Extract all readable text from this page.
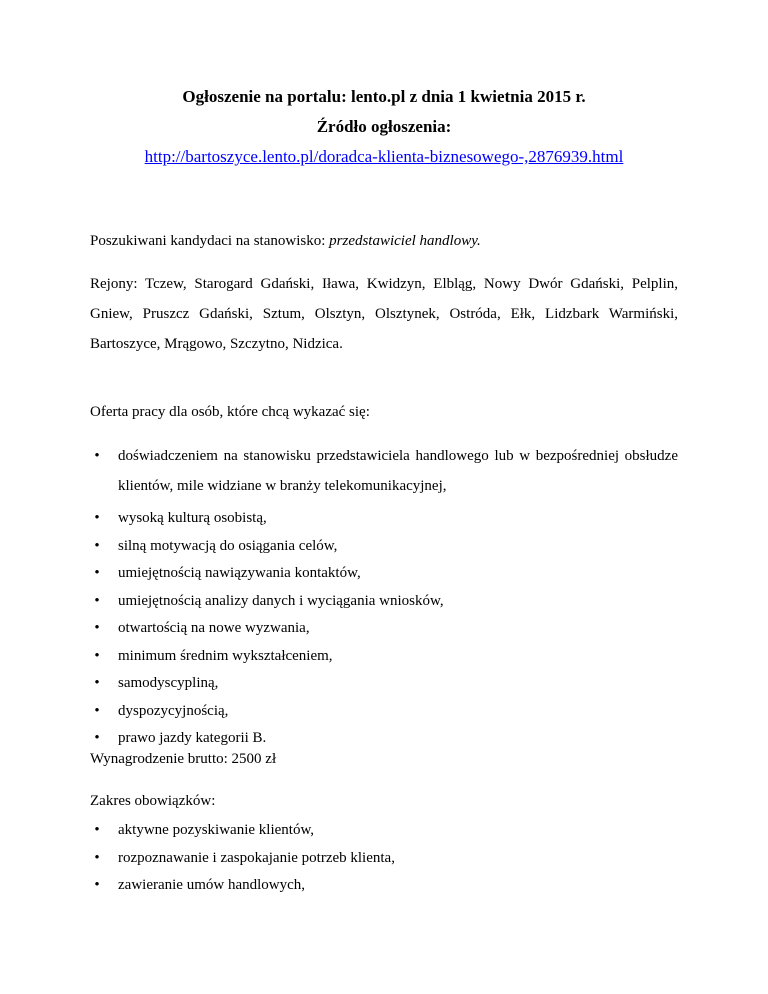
Ogłoszenie na portalu: lento.pl z dnia 1 kwietnia 2015 r.
Źródło ogłoszenia:
http://bartoszyce.lento.pl/doradca-klienta-biznesowego-,2876939.html
Poszukiwani kandydaci na stanowisko: przedstawiciel handlowy.
Rejony: Tczew, Starogard Gdański, Iława, Kwidzyn, Elbląg, Nowy Dwór Gdański, Pelplin, Gniew, Pruszcz Gdański, Sztum, Olsztyn, Olsztynek, Ostróda, Ełk, Lidzbark Warmiński, Bartoszyce, Mrągowo, Szczytno, Nidzica.
Oferta pracy dla osób, które chcą wykazać się:
• doświadczeniem na stanowisku przedstawiciela handlowego lub w bezpośredniej obsłudze klientów, mile widziane w branży telekomunikacyjnej,
• wysoką kulturą osobistą,
• silną motywacją do osiągania celów,
• umiejętnością nawiązywania kontaktów,
• umiejętnością analizy danych i wyciągania wniosków,
• otwartością na nowe wyzwania,
• minimum średnim wykształceniem,
• samodyscypliną,
• dyspozycyjnością,
• prawo jazdy kategorii B.
Wynagrodzenie brutto: 2500 zł
Zakres obowiązków:
• aktywne pozyskiwanie klientów,
• rozpoznawanie i zaspokajanie potrzeb klienta,
• zawieranie umów handlowych,
